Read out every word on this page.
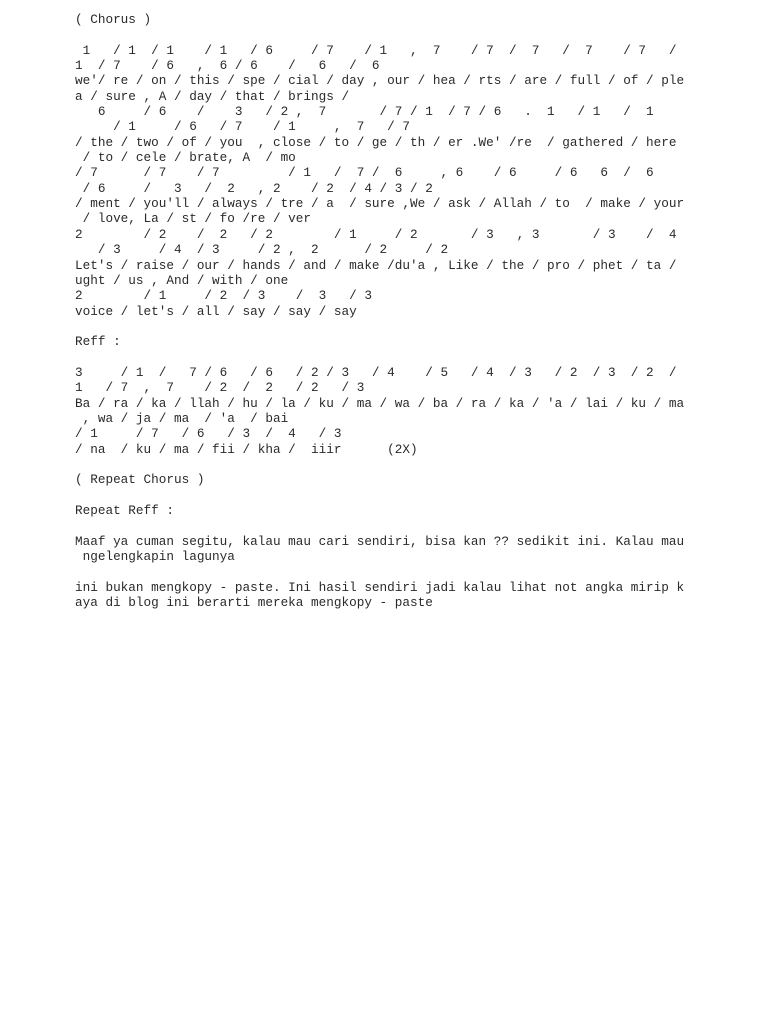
( Chorus )
1   / 1  / 1    / 1   / 6     / 7    / 1   ,  7    / 7  /  7   /  7    / 7   /
1  / 7    / 6   ,  6 / 6    /   6   /  6
we'/ re / on / this / spe / cial / day , our / hea / rts / are / full / of / ple
a / sure , A / day / that / brings /
6     / 6    /    3   / 2 ,  7       / 7 / 1  / 7 / 6   .  1   / 1   /  1
/ 1     / 6   / 7    / 1     ,  7   / 7
/ the / two / of / you  , close / to / ge / th / er .We' /re  / gathered / here
/ to / cele / brate, A  / mo
/ 7      / 7    / 7         / 1   /  7 /  6     , 6    / 6     / 6   6  /  6
/ 6     /   3   /  2   , 2    / 2  / 4 / 3 / 2
/ ment / you'll / always / tre / a  / sure ,We / ask / Allah / to  / make / your
/ love, La / st / fo /re / ver
2        / 2    /  2   / 2        / 1     / 2       / 3   , 3       / 3    /  4
/ 3     / 4  / 3     / 2 ,  2      / 2     / 2
Let's / raise / our / hands / and / make /du'a , Like / the / pro / phet / ta /
ught / us , And / with / one
2        / 1     / 2  / 3    /  3   / 3
voice / let's / all / say / say / say
Reff :
3     / 1  /   7 / 6   / 6   / 2 / 3   / 4    / 5   / 4  / 3   / 2  / 3  / 2  /
1   / 7  ,  7    / 2  /  2   / 2   / 3
Ba / ra / ka / llah / hu / la / ku / ma / wa / ba / ra / ka / 'a / lai / ku / ma
, wa / ja / ma  / 'a  / bai
/ 1     / 7   / 6   / 3  /  4   / 3
/ na  / ku / ma / fii / kha /  iiir      (2X)
( Repeat Chorus )
Repeat Reff :
Maaf ya cuman segitu, kalau mau cari sendiri, bisa kan ?? sedikit ini. Kalau mau
ngelengkapin lagunya
ini bukan mengkopy - paste. Ini hasil sendiri jadi kalau lihat not angka mirip k
aya di blog ini berarti mereka mengkopy - paste
